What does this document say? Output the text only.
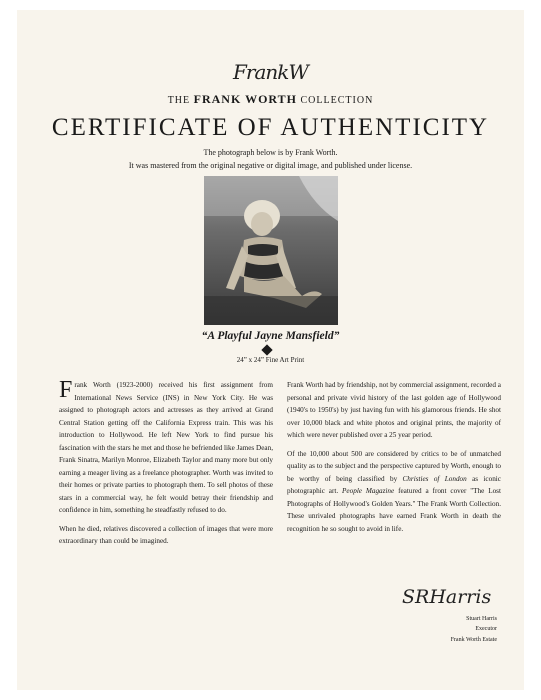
FrankW
THE FRANK WORTH COLLECTION
CERTIFICATE OF AUTHENTICITY
The photograph below is by Frank Worth.
It was mastered from the original negative or digital image, and published under license.
“A Playful Jayne Mansfield”
24” x 24” Fine Art Print

Frank Worth (1923-2000) received his first assignment from International News Service (INS) in New York City. He was assigned to photograph actors and actresses as they arrived at Grand Central Station getting off the California Express train. This was his introduction to Hollywood. He left New York to find pursue his fascination with the stars he met and those he befriended like James Dean, Frank Sinatra, Marilyn Monroe, Elizabeth Taylor and many more but only earning a meager living as a freelance photographer. Worth was invited to their homes or private parties to photograph them. To sell photos of these stars in a commercial way, he felt would betray their friendship and confidence in him, something he steadfastly refused to do.

When he died, relatives discovered a collection of images that were more extraordinary than could be imagined.

Frank Worth had by friendship, not by commercial assignment, recorded a personal and private vivid history of the last golden age of Hollywood (1940's to 1950's) by just having fun with his glamorous friends. He shot over 10,000 black and white photos and original prints, the majority of which were never published over a 25 year period.

Of the 10,000 about 500 are considered by critics to be of unmatched quality as to the subject and the perspective captured by Worth, enough to be worthy of being classified by Christies of London as iconic photographic art. People Magazine featured a front cover "The Lost Photographs of Hollywood's Golden Years." The Frank Worth Collection. These unrivaled photographs have earned Frank Worth in death the recognition he so sought to avoid in life.

SRHarris
Stuart Harris
Executor
Frank Worth Estate
